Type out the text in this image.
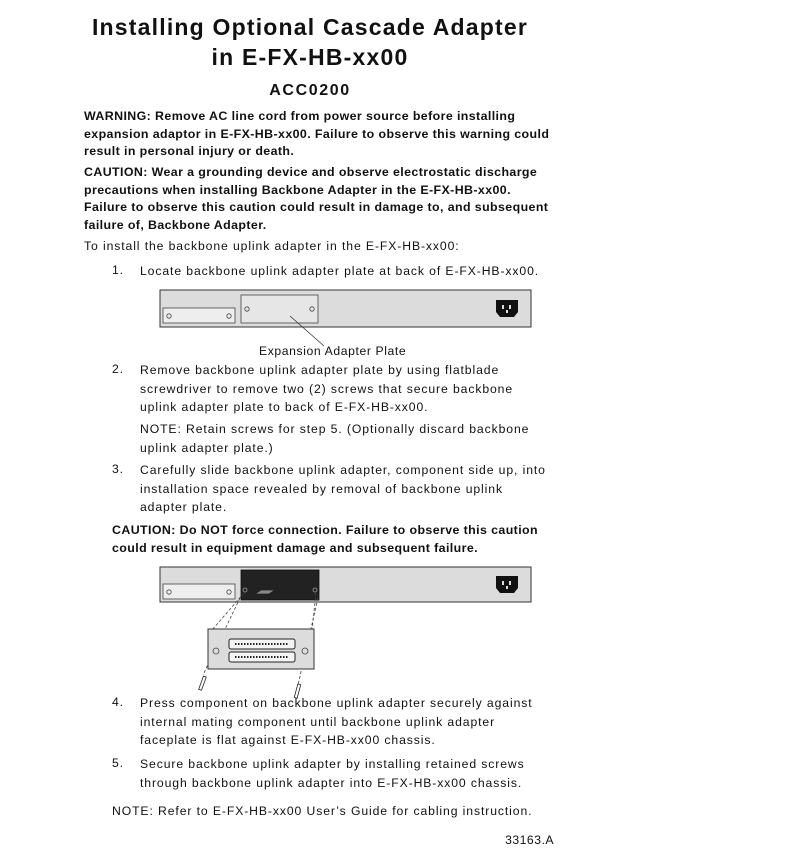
Installing Optional Cascade Adapter
in E-FX-HB-xx00
ACC0200
WARNING: Remove AC line cord from power source before installing expansion adaptor in E-FX-HB-xx00. Failure to observe this warning could result in personal injury or death.
CAUTION: Wear a grounding device and observe electrostatic discharge precautions when installing Backbone Adapter in the E-FX-HB-xx00. Failure to observe this caution could result in damage to, and subsequent failure of, Backbone Adapter.
To install the backbone uplink adapter in the E-FX-HB-xx00:
1.	Locate backbone uplink adapter plate at back of E-FX-HB-xx00.
Expansion Adapter Plate
2.	Remove backbone uplink adapter plate by using flatblade screwdriver to remove two (2) screws that secure backbone uplink adapter plate to back of E-FX-HB-xx00.
NOTE: Retain screws for step 5. (Optionally discard backbone uplink adapter plate.)
3.	Carefully slide backbone uplink adapter, component side up, into installation space revealed by removal of backbone uplink adapter plate.
CAUTION: Do NOT force connection. Failure to observe this caution could result in equipment damage and subsequent failure.
4.	Press component on backbone uplink adapter securely against internal mating component until backbone uplink adapter faceplate is flat against E-FX-HB-xx00 chassis.
5.	Secure backbone uplink adapter by installing retained screws through backbone uplink adapter into E-FX-HB-xx00 chassis.
NOTE: Refer to E-FX-HB-xx00 User’s Guide for cabling instruction.
33163.A
